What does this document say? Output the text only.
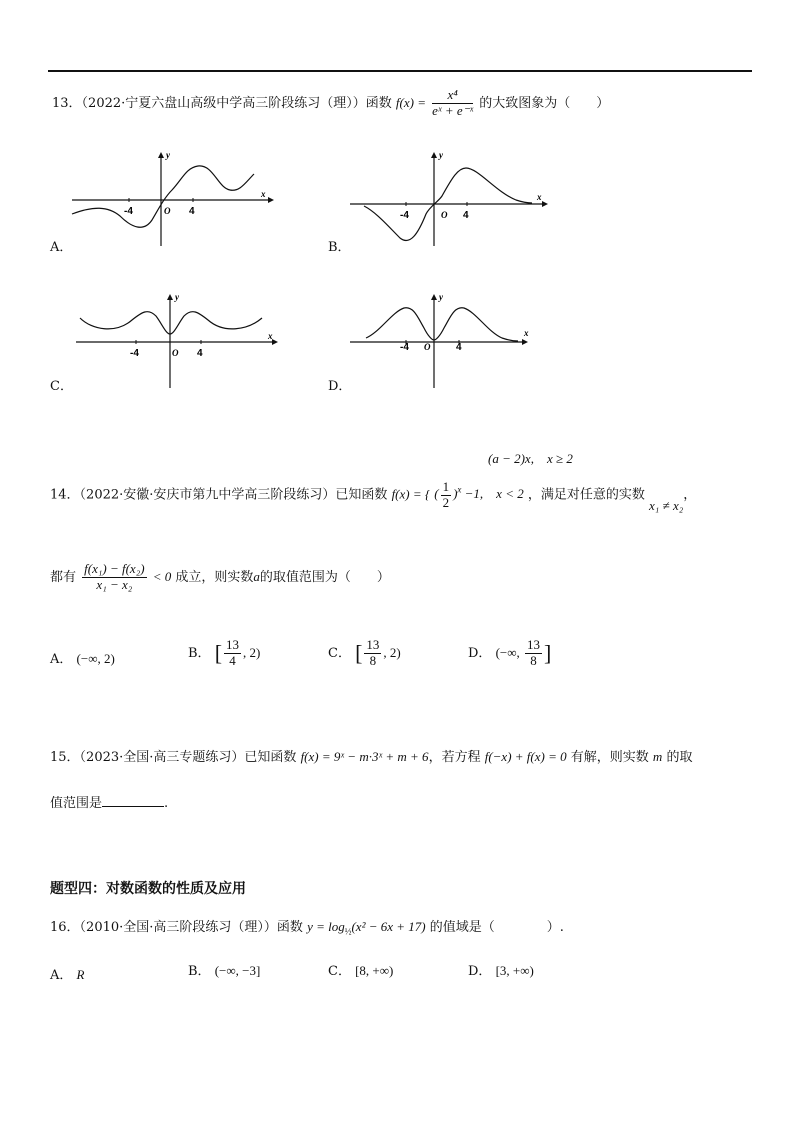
13．（2022·宁夏六盘山高级中学高三阶段练习（理））函数 $f(x) = \frac{\text{x⁴}}{\text{eˣ + e⁻ˣ}}$ 的大致图象为（　　）
-4	4
O
x
y
A．
-4	4
O
x
y
B．
-4	4
O
x
y
C．
-4	4
O
x
y
D．
(a − 2)x,　x ≥ 2
14．（2022·安徽·安庆市第九中学高三阶段练习）已知函数 f(x) = { ( $\frac{1}{2} )^x -1$,　x < 2 ，满足对任意的实数 x₁ ≠ x₂，
都有 $\frac{\text{f(x₁) − f(x₂)}}{\text{x₁ − x₂}} < 0$ 成立，则实数a的取值范围为（　　）
A． (−∞, 2)	B． [ $\frac{13}{4}$ , 2)	C． [ $\frac{13}{8}$ , 2)	D． (−∞, $\frac{13}{8}$ ]
15．（2023·全国·高三专题练习）已知函数 f(x) = 9ˣ − m·3ˣ + m + 6，若方程 f(−x) + f(x) = 0 有解，则实数 m 的取
值范围是	.
题型四：对数函数的性质及应用
16．（2010·全国·高三阶段练习（理））函数 $y = \log_{\frac{1}{2}}(x^2 - 6x + 17)$ 的值域是（　　　　）.
A． R	B． (−∞, −3]	C． [8, +∞)	D． [3, +∞)
